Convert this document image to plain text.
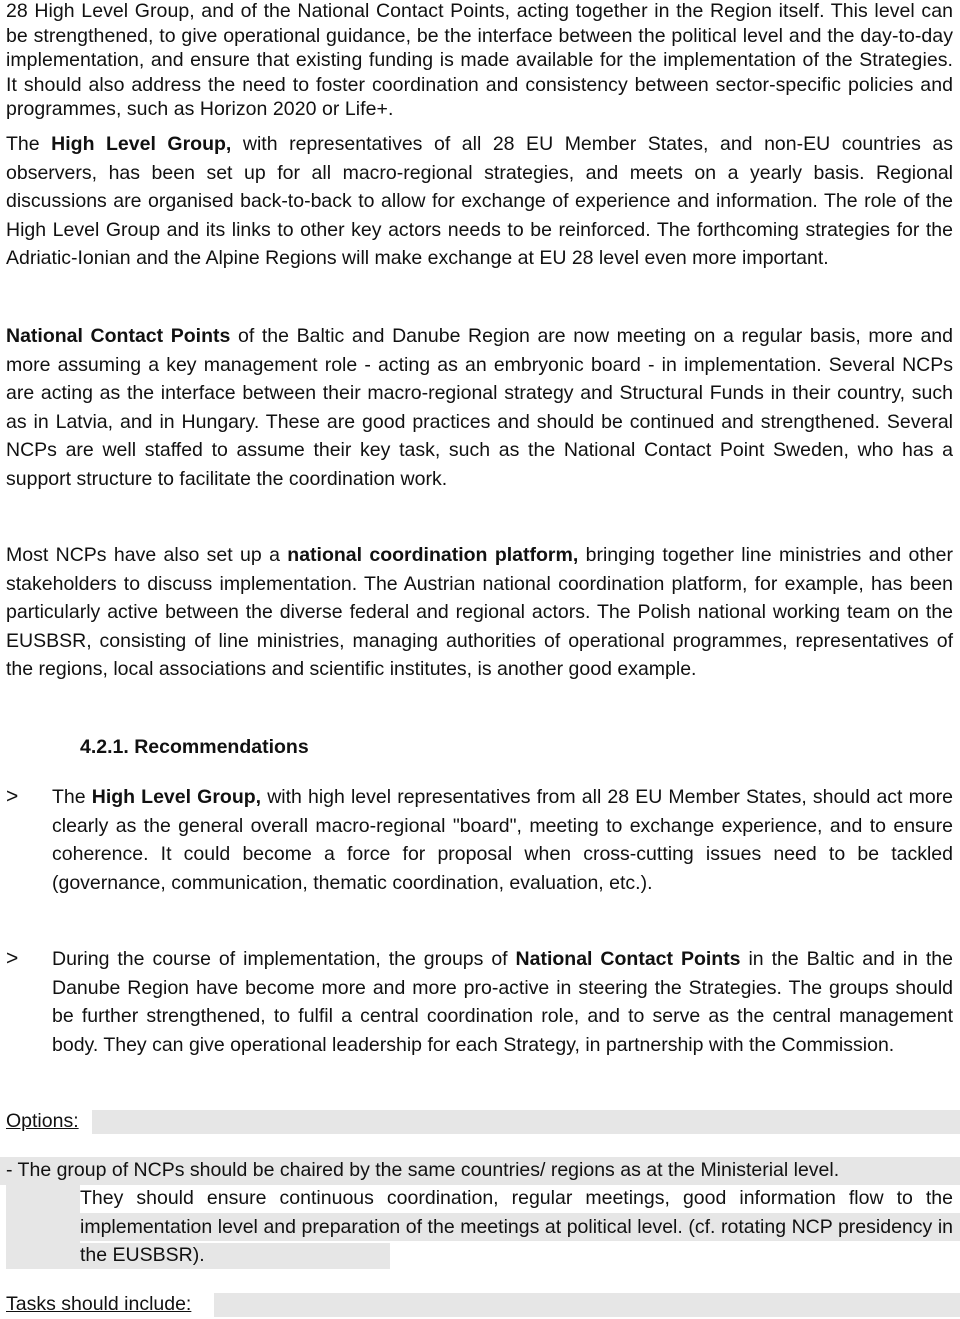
28 High Level Group, and of the National Contact Points, acting together in the Region itself. This level can be strengthened, to give operational guidance, be the interface between the political level and the day-to-day implementation, and ensure that existing funding is made available for the implementation of the Strategies. It should also address the need to foster coordination and consistency between sector-specific policies and programmes, such as Horizon 2020 or Life+.

The High Level Group, with representatives of all 28 EU Member States, and non-EU countries as observers, has been set up for all macro-regional strategies, and meets on a yearly basis. Regional discussions are organised back-to-back to allow for exchange of experience and information. The role of the High Level Group and its links to other key actors needs to be reinforced. The forthcoming strategies for the Adriatic-Ionian and the Alpine Regions will make exchange at EU 28 level even more important.

National Contact Points of the Baltic and Danube Region are now meeting on a regular basis, more and more assuming a key management role - acting as an embryonic board - in implementation. Several NCPs are acting as the interface between their macro-regional strategy and Structural Funds in their country, such as in Latvia, and in Hungary. These are good practices and should be continued and strengthened. Several NCPs are well staffed to assume their key task, such as the National Contact Point Sweden, who has a support structure to facilitate the coordination work.

Most NCPs have also set up a national coordination platform, bringing together line ministries and other stakeholders to discuss implementation. The Austrian national coordination platform, for example, has been particularly active between the diverse federal and regional actors. The Polish national working team on the EUSBSR, consisting of line ministries, managing authorities of operational programmes, representatives of the regions, local associations and scientific institutes, is another good example.

4.2.1. Recommendations
> The High Level Group, with high level representatives from all 28 EU Member States, should act more clearly as the general overall macro-regional "board", meeting to exchange experience, and to ensure coherence. It could become a force for proposal when cross-cutting issues need to be tackled (governance, communication, thematic coordination, evaluation, etc.).

> During the course of implementation, the groups of National Contact Points in the Baltic and in the Danube Region have become more and more pro-active in steering the Strategies. The groups should be further strengthened, to fulfil a central coordination role, and to serve as the central management body. They can give operational leadership for each Strategy, in partnership with the Commission.

Options:
- The group of NCPs should be chaired by the same countries/ regions as at the Ministerial level.
They should ensure continuous coordination, regular meetings, good information flow to the implementation level and preparation of the meetings at political level. (cf. rotating NCP presidency in the EUSBSR).
Tasks should include:
